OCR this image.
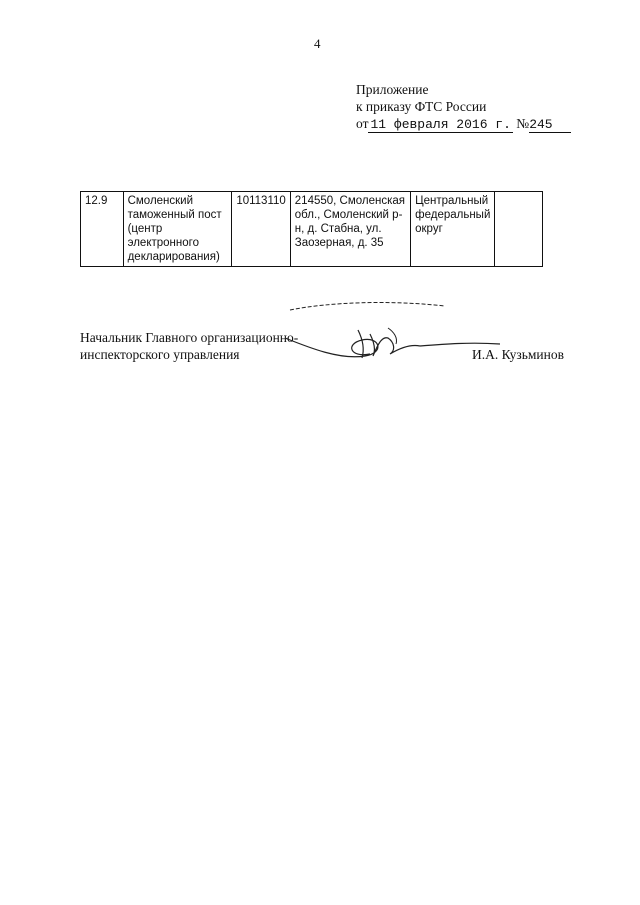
4
Приложение
к приказу ФТС России
от 11 февраля 2016 г. №245
12.9	Смоленский таможенный пост (центр электронного декларирования)	10113110	214550, Смоленская обл., Смоленский р-н, д. Стабна, ул. Заозерная, д. 35	Центральный федеральный округ	
Начальник Главного организационно-
инспекторского управления	И.А. Кузьминов
